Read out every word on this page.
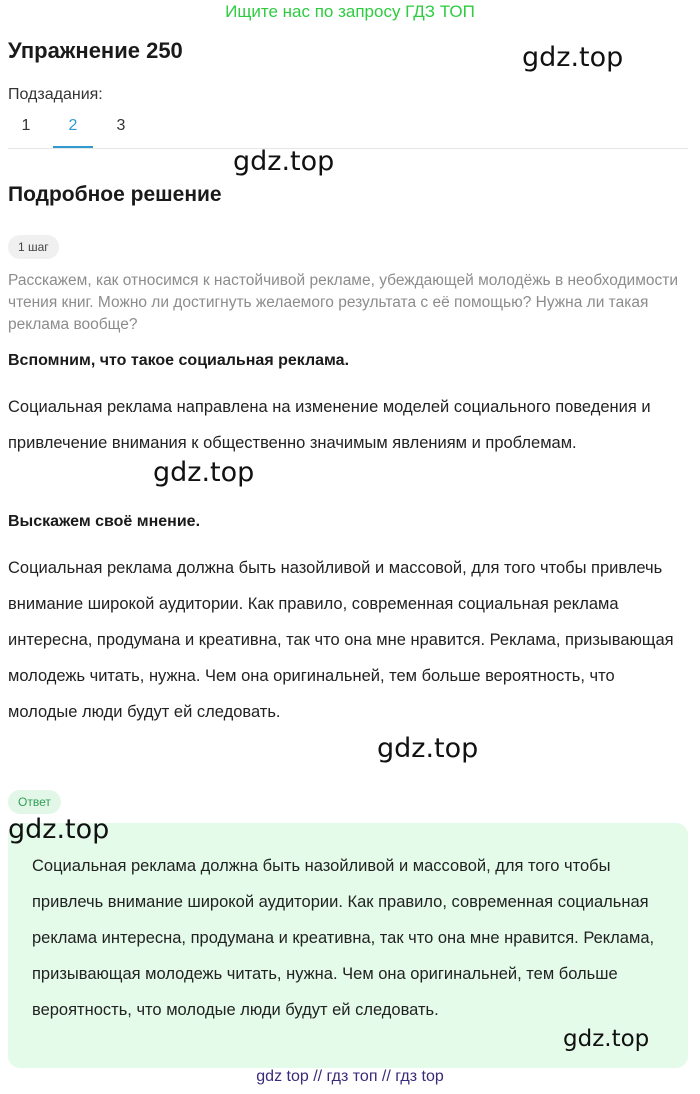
Ищите нас по запросу ГДЗ ТОП
Упражнение 250	gdz.top
Подзадания:
1	2	3
gdz.top
Подробное решение
1 шаг
Расскажем, как относимся к настойчивой рекламе, убеждающей молодёжь в необходимости чтения книг. Можно ли достигнуть желаемого результата с её помощью? Нужна ли такая реклама вообще?
Вспомним, что такое социальная реклама.
Социальная реклама направлена на изменение моделей социального поведения и привлечение внимания к общественно значимым явлениям и проблемам.
gdz.top
Выскажем своё мнение.
Социальная реклама должна быть назойливой и массовой, для того чтобы привлечь внимание широкой аудитории. Как правило, современная социальная реклама интересна, продумана и креативна, так что она мне нравится. Реклама, призывающая молодежь читать, нужна. Чем она оригинальней, тем больше вероятность, что молодые люди будут ей следовать.
gdz.top
Ответ
Социальная реклама должна быть назойливой и массовой, для того чтобы привлечь внимание широкой аудитории. Как правило, современная социальная реклама интересна, продумана и креативна, так что она мне нравится. Реклама, призывающая молодежь читать, нужна. Чем она оригинальней, тем больше вероятность, что молодые люди будут ей следовать.
gdz.top
gdz.top
gdz top // гдз топ // гдз top
